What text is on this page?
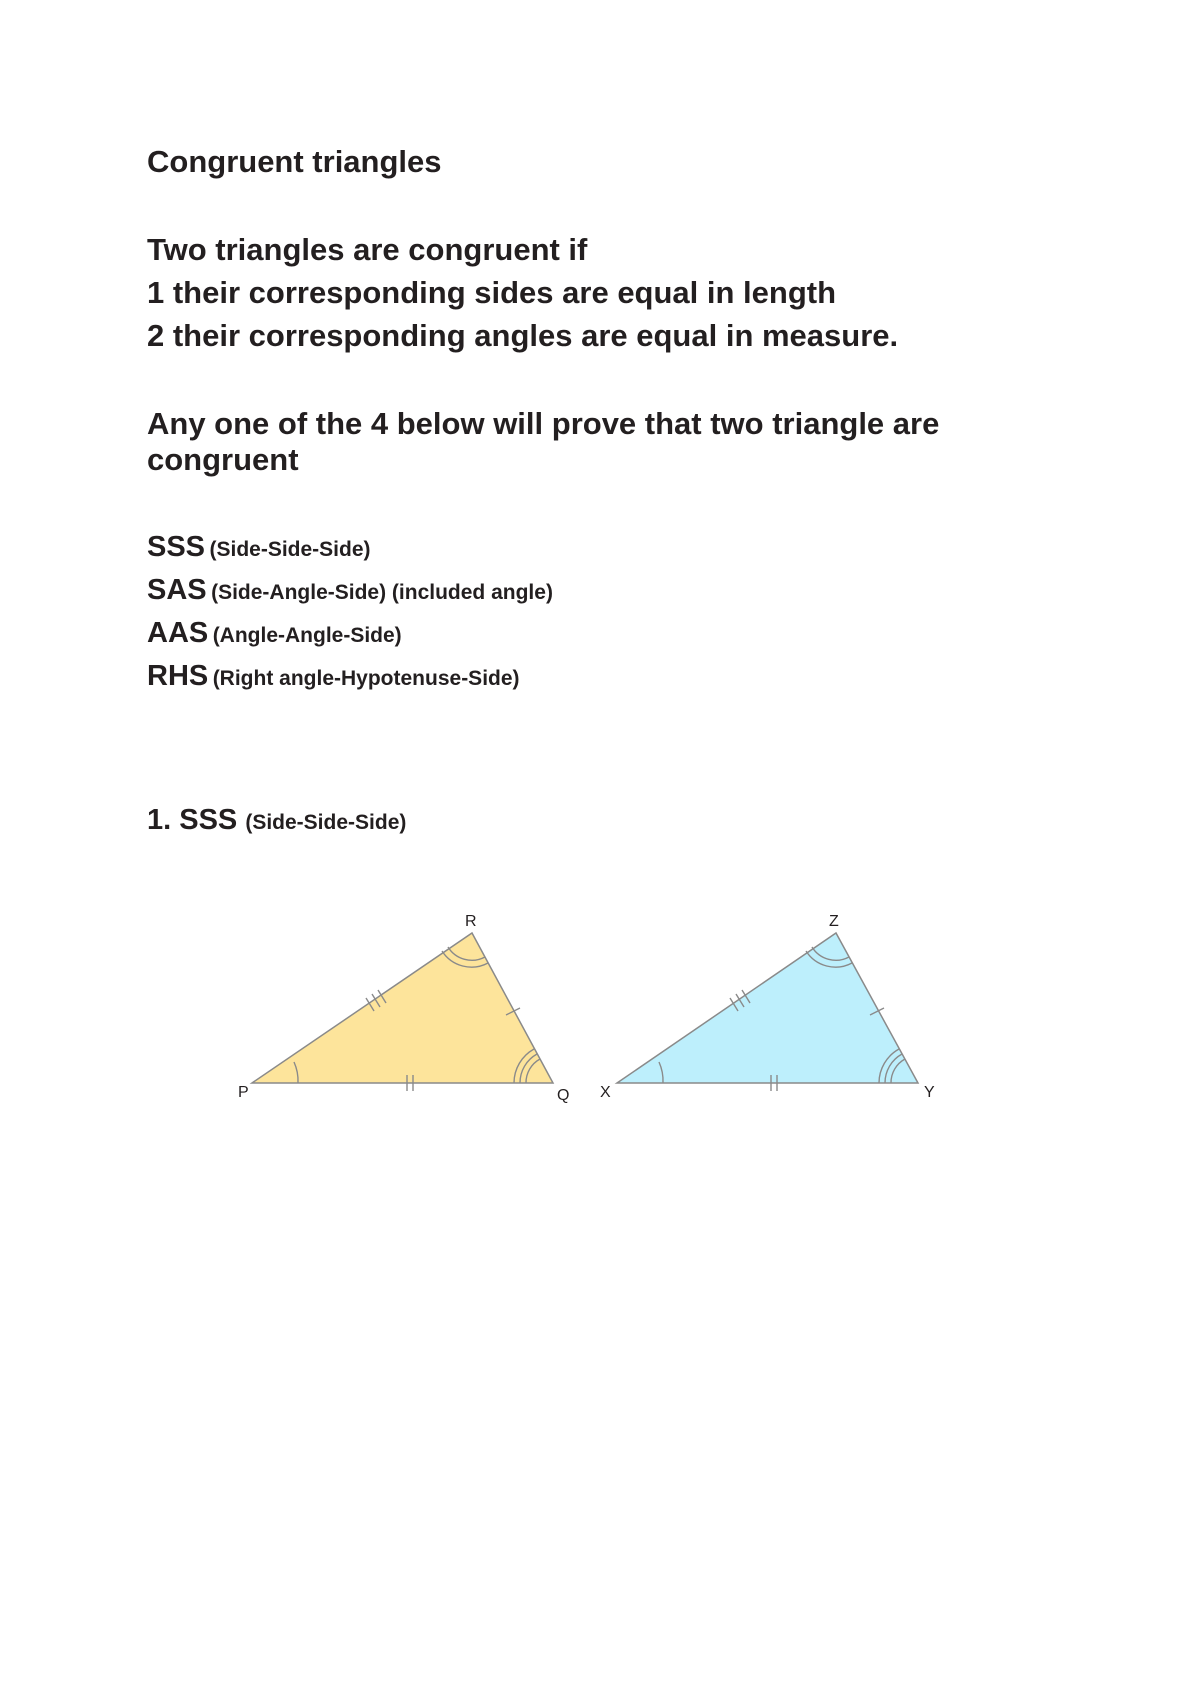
Congruent triangles

Two triangles are congruent if

1 their corresponding sides are equal in length

2 their corresponding angles are equal in measure.

Any one of the 4 below will prove that two triangle are

congruent

SSS (Side-Side-Side)

SAS (Side-Angle-Side) (included angle)

AAS (Angle-Angle-Side)

RHS (Right angle-Hypotenuse-Side)

1. SSS (Side-Side-Side)

P	Q
R
X	Y
Z
